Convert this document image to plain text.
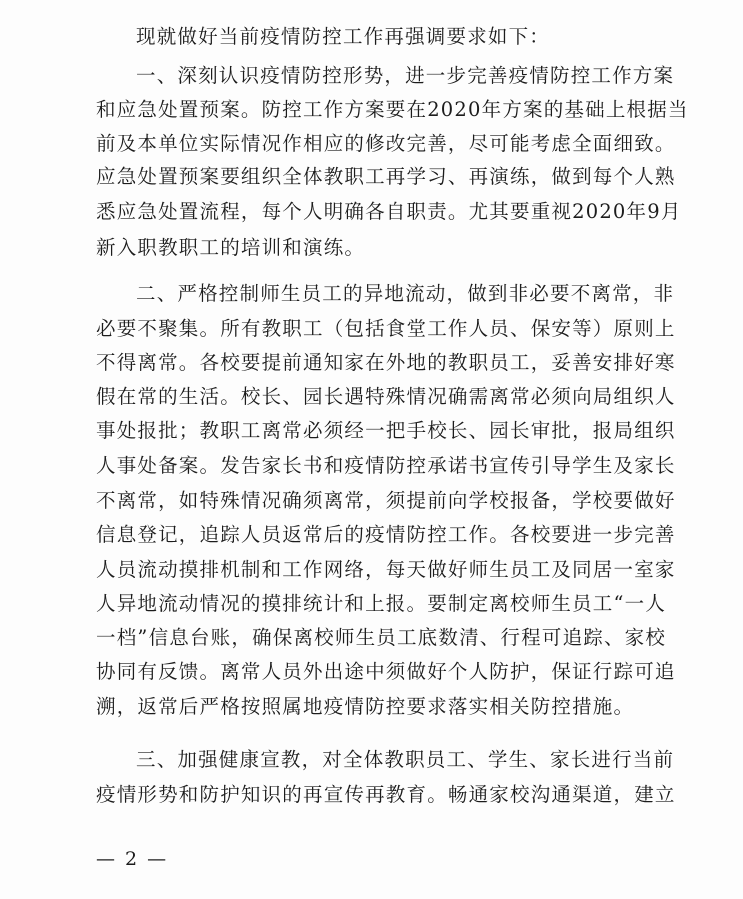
现就做好当前疫情防控工作再强调要求如下：
一、深刻认识疫情防控形势，进一步完善疫情防控工作方案
和应急处置预案。防控工作方案要在2020年方案的基础上根据当
前及本单位实际情况作相应的修改完善，尽可能考虑全面细致。
应急处置预案要组织全体教职工再学习、再演练，做到每个人熟
悉应急处置流程，每个人明确各自职责。尤其要重视2020年9月
新入职教职工的培训和演练。
二、严格控制师生员工的异地流动，做到非必要不离常，非
必要不聚集。所有教职工（包括食堂工作人员、保安等）原则上
不得离常。各校要提前通知家在外地的教职员工，妥善安排好寒
假在常的生活。校长、园长遇特殊情况确需离常必须向局组织人
事处报批；教职工离常必须经一把手校长、园长审批，报局组织
人事处备案。发告家长书和疫情防控承诺书宣传引导学生及家长
不离常，如特殊情况确须离常，须提前向学校报备，学校要做好
信息登记，追踪人员返常后的疫情防控工作。各校要进一步完善
人员流动摸排机制和工作网络，每天做好师生员工及同居一室家
人异地流动情况的摸排统计和上报。要制定离校师生员工“一人
一档”信息台账，确保离校师生员工底数清、行程可追踪、家校
协同有反馈。离常人员外出途中须做好个人防护，保证行踪可追
溯，返常后严格按照属地疫情防控要求落实相关防控措施。
三、加强健康宣教，对全体教职员工、学生、家长进行当前
疫情形势和防护知识的再宣传再教育。畅通家校沟通渠道，建立
— 2 —
